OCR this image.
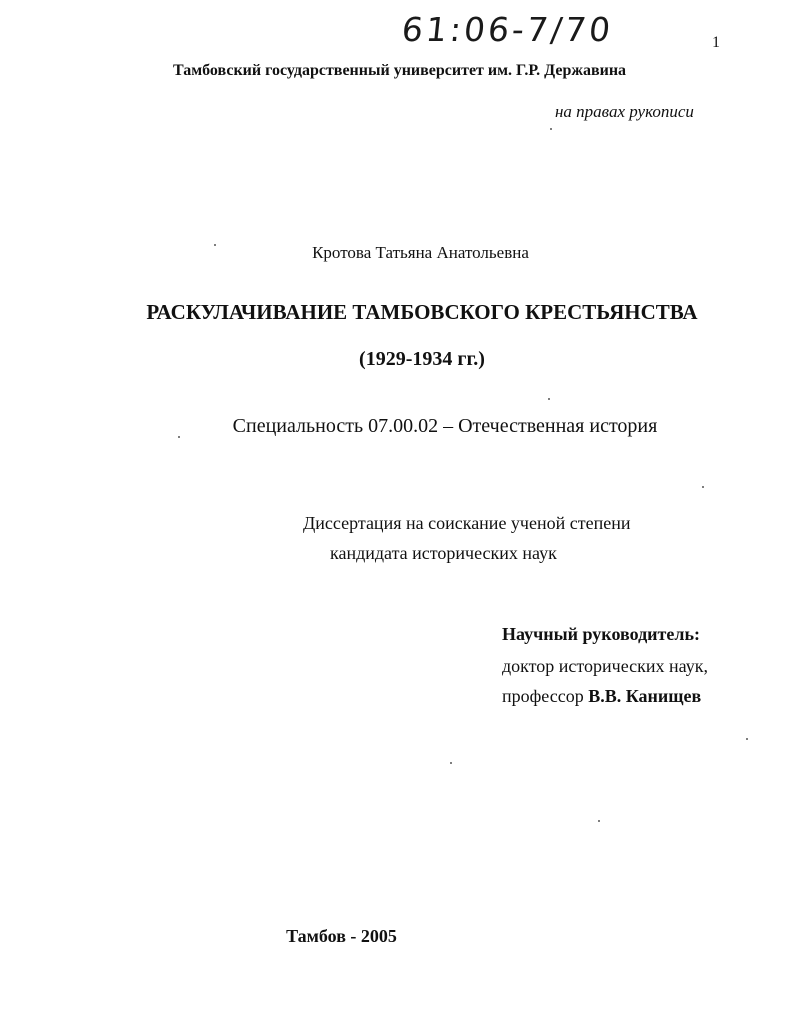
61:06-7/70	1
Тамбовский государственный университет им. Г.Р. Державина
на правах рукописи
Кротова Татьяна Анатольевна
РАСКУЛАЧИВАНИЕ ТАМБОВСКОГО КРЕСТЬЯНСТВА
(1929-1934 гг.)
Специальность 07.00.02 – Отечественная история
Диссертация на соискание ученой степени
кандидата исторических наук
Научный руководитель:
доктор исторических наук,
профессор В.В. Канищев
Тамбов - 2005
